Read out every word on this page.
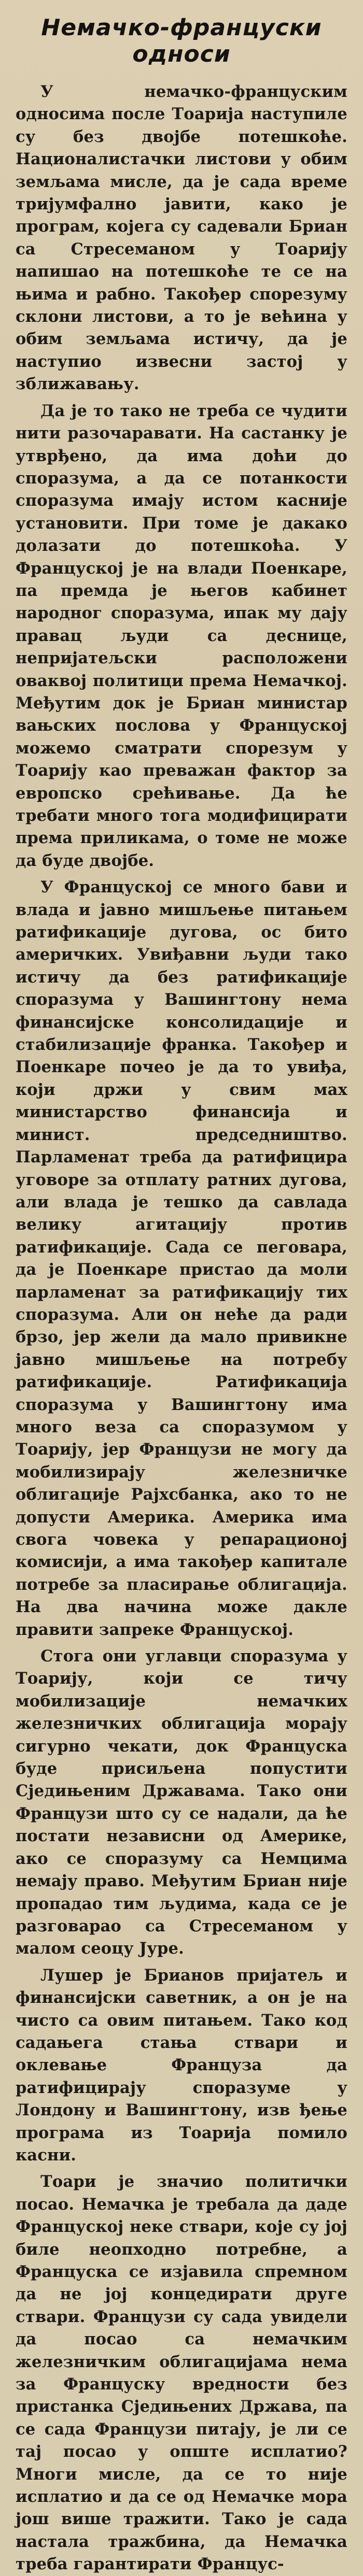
Немачко-француски односи

У немачко-француским односима после Тоарија наступиле су без двојбе потешкоће. Националистачки листови у обим земљама мисле, да је сада време тријумфално јавити, како је програм, којега су садевали Бриан са Стресеманом у Тоарију напишао на потешкоће те се на њима и рабно. Такођер спорезуму склони листови, а то је већина у обим земљама истичу, да је наступио извесни застој у зближавању.

Да је то тако не треба се чудити нити разочаравати. На састанку је утврђено, да има доћи до споразума, а да се потанкости споразума имају истом касније установити. При томе је дакако долазати до потешкоћа. У Француској је на влади Поенкаре, па премда је његов кабинет народног споразума, ипак му дају правац људи са деснице, непријатељски расположени оваквој политици према Немачкој. Међутим док је Бриан министар вањских послова у Француској можемо сматрати спорезум у Тоарију као преважан фактор за европско срећивање. Да ће требати много тога модифицирати према приликама, о томе не може да буде двојбе.

У Француској се много бави и влада и јавно мишљење питањем ратификације дугова, ос бито америчких. Увиђавни људи тако истичу да без ратификације споразума у Вашингтону нема финансијске консолидације и стабилизације франка. Такођер и Поенкаре почео је да то увиђа, који држи у свим мах министарство финансија и минист. председништво. Парламенат треба да ратифицира уговоре за отплату ратних дугова, али влада је тешко да савлада велику агитацију против ратификације. Сада се пеговара, да је Поенкаре пристао да моли парламенат за ратификацију тих споразума. Али он неће да ради брзо, јер жели да мало привикне јавно мишљење на потребу ратификације. Ратификација споразума у Вашингтону има много веза са споразумом у Тоарију, јер Французи не могу да мобилизирају железничке облигације Рајхсбанка, ако то не допусти Америка. Америка има свога човека у репарационој комисији, а има такођер капитале потребе за пласирање облигација. На два начина може дакле правити запреке Француској.

Стога они углавци споразума у Тоарију, који се тичу мобилизације немачких железничких облигација морају сигурно чекати, док Француска буде присиљена попустити Сједињеним Државама. Тако они Французи што су се надали, да ће постати независни од Америке, ако се споразуму са Немцима немају право. Међутим Бриан није пропадао тим људима, када се је разговарао са Стресеманом у малом сеоцу Јуре.

Лушер је Бриaнов пријатељ и финансијски саветник, а он је на чисто са овим питањем. Тако код садањега стања ствари и оклевање Француза да ратифицирају споразуме у Лондону и Вашингтону, изв ђење програма из Тоарија помило касни.

Тоари је значио политички посао. Немачка је требала да даде Француској неке ствари, које су јој биле неопходно потребне, а Француска се изјавила спремном да не јој концедирати друге ствари. Французи су сада увидели да посао са немачким железничким облигацијама нема за Француску вредности без пристанка Сједињених Држава, па се сада Французи питају, је ли се тај посао у опште исплатио? Многи мисле, да се то није исплатио и да се од Немачке мора још више тражити. Тако је сада настала тражбина, да Немачка треба гарантирати Францус-
